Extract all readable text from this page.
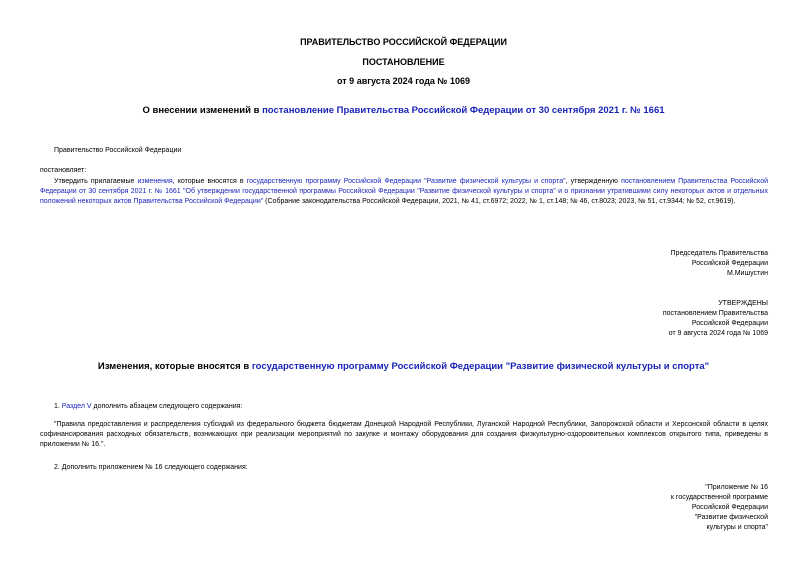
ПРАВИТЕЛЬСТВО РОССИЙСКОЙ ФЕДЕРАЦИИ
ПОСТАНОВЛЕНИЕ
от 9 августа 2024 года № 1069
О внесении изменений в постановление Правительства Российской Федерации от 30 сентября 2021 г. № 1661
Правительство Российской Федерации
постановляет:
Утвердить прилагаемые изменения, которые вносятся в государственную программу Российской Федерации "Развитие физической культуры и спорта", утвержденную постановлением Правительства Российской Федерации от 30 сентября 2021 г. № 1661 "Об утверждении государственной программы Российской Федерации "Развитие физической культуры и спорта" и о признании утратившими силу некоторых актов и отдельных положений некоторых актов Правительства Российской Федерации" (Собрание законодательства Российской Федерации, 2021, № 41, ст.6972; 2022, № 1, ст.148; № 46, ст.8023; 2023, № 51, ст.9344; № 52, ст.9619).
Председатель Правительства
Российской Федерации
М.Мишустин
УТВЕРЖДЕНЫ
постановлением Правительства
Российской Федерации
от 9 августа 2024 года № 1069
Изменения, которые вносятся в государственную программу Российской Федерации "Развитие физической культуры и спорта"
1. Раздел V дополнить абзацем следующего содержания:
"Правила предоставления и распределения субсидий из федерального бюджета бюджетам Донецкой Народной Республики, Луганской Народной Республики, Запорожской области и Херсонской области в целях софинансирования расходных обязательств, возникающих при реализации мероприятий по закупке и монтажу оборудования для создания физкультурно-оздоровительных комплексов открытого типа, приведены в приложении № 16.".
2. Дополнить приложением № 16 следующего содержания:
"Приложение № 16
к государственной программе
Российской Федерации
"Развитие физической
культуры и спорта"
